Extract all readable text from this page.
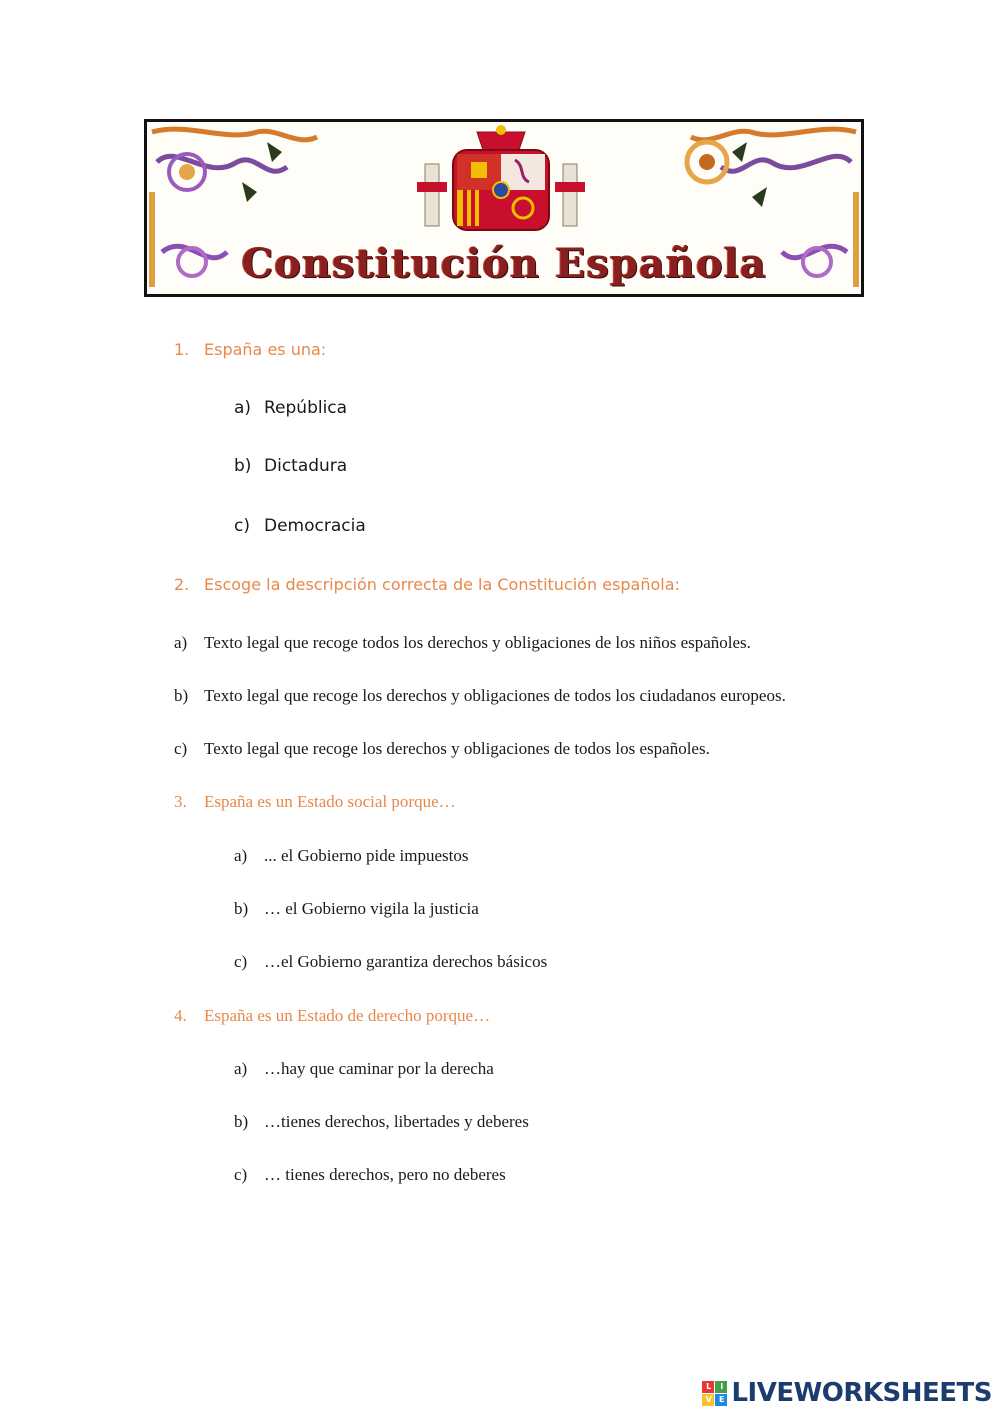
Constitución Española
1. España es una:
a) República
b) Dictadura
c) Democracia
2. Escoge la descripción correcta de la Constitución española:
a) Texto legal que recoge todos los derechos y obligaciones de los niños españoles.
b) Texto legal que recoge los derechos y obligaciones de todos los ciudadanos europeos.
c) Texto legal que recoge los derechos y obligaciones de todos los españoles.
3. España es un Estado social porque…
a) ... el Gobierno pide impuestos
b) … el Gobierno vigila la justicia
c) …el Gobierno garantiza derechos básicos
4. España es un Estado de derecho porque…
a) …hay que caminar por la derecha
b) …tienes derechos, libertades y deberes
c) … tienes derechos, pero no deberes
L	I
V E LIVEWORKSHEETS
